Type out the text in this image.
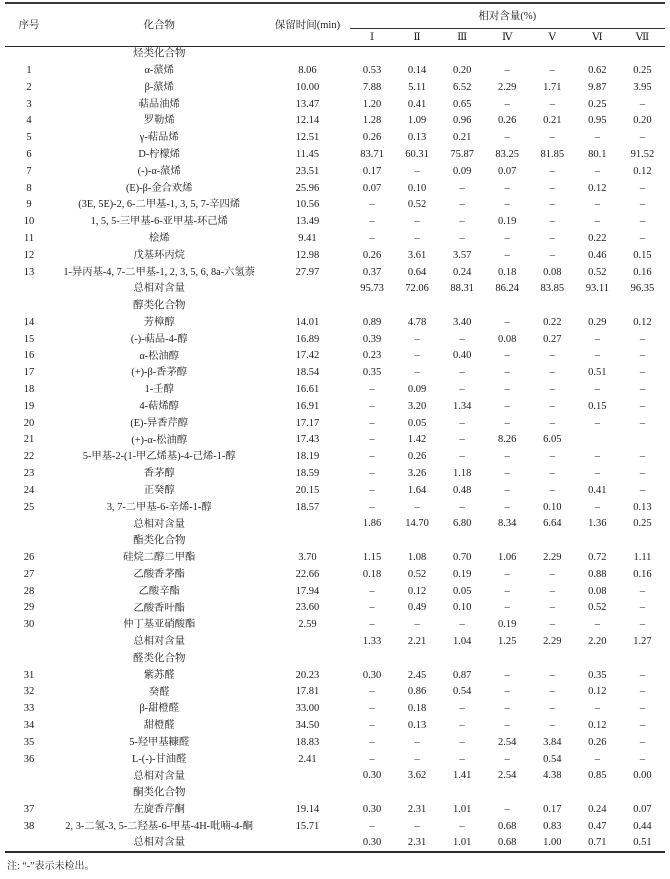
序号	化合物	保留时间(min)	相对含量(%)						
			Ⅰ	Ⅱ	Ⅲ	Ⅳ	Ⅴ	Ⅵ	Ⅶ
	烃类化合物								
1	α-蒎烯	8.06	0.53	0.14	0.20	–	–	0.62	0.25
2	β-蒎烯	10.00	7.88	5.11	6.52	2.29	1.71	9.87	3.95
3	萜品油烯	13.47	1.20	0.41	0.65	–	–	0.25	–
4	罗勒烯	12.14	1.28	1.09	0.96	0.26	0.21	0.95	0.20
5	γ-萜品烯	12.51	0.26	0.13	0.21	–	–	–	–
6	D-柠檬烯	11.45	83.71	60.31	75.87	83.25	81.85	80.1	91.52
7	(-)-α-蒎烯	23.51	0.17	–	0.09	0.07	–	–	0.12
8	(E)-β-金合欢烯	25.96	0.07	0.10	–	–	–	0.12	–
9	(3E, 5E)-2, 6-二甲基-1, 3, 5, 7-辛四烯	10.56	–	0.52	–	–	–	–	–
10	1, 5, 5-三甲基-6-亚甲基-环己烯	13.49	–	–	–	0.19	–	–	–
11	桧烯	9.41	–	–	–	–	–	0.22	–
12	戊基环丙烷	12.98	0.26	3.61	3.57	–	–	0.46	0.15
13	1-异丙基-4, 7-二甲基-1, 2, 3, 5, 6, 8a-六氢萘	27.97	0.37	0.64	0.24	0.18	0.08	0.52	0.16
	总相对含量		95.73	72.06	88.31	86.24	83.85	93.11	96.35
	醇类化合物								
14	芳樟醇	14.01	0.89	4.78	3.40	–	0.22	0.29	0.12
15	(-)-萜品-4-醇	16.89	0.39	–	–	0.08	0.27	–	–
16	α-松油醇	17.42	0.23	–	0.40	–	–	–	–
17	(+)-β-香茅醇	18.54	0.35	–	–	–	–	0.51	–
18	1-壬醇	16.61	–	0.09	–	–	–	–	–
19	4-萜烯醇	16.91	–	3.20	1.34	–	–	0.15	–
20	(E)-异香芹醇	17.17	–	0.05	–	–	–	–	–
21	(+)-α-松油醇	17.43	–	1.42	–	8.26	6.05		
22	5-甲基-2-(1-甲乙烯基)-4-己烯-1-醇	18.19	–	0.26	–	–	–	–	–
23	香茅醇	18.59	–	3.26	1.18	–	–	–	–
24	正癸醇	20.15	–	1.64	0.48	–	–	0.41	–
25	3, 7-二甲基-6-辛烯-1-醇	18.57	–	–	–	–	0.10	–	0.13
	总相对含量		1.86	14.70	6.80	8.34	6.64	1.36	0.25
	酯类化合物								
26	硅烷二醇二甲酯	3.70	1.15	1.08	0.70	1.06	2.29	0.72	1.11
27	乙酸香茅酯	22.66	0.18	0.52	0.19	–	–	0.88	0.16
28	乙酸辛酯	17.94	–	0.12	0.05	–	–	0.08	–
29	乙酸香叶酯	23.60	–	0.49	0.10	–	–	0.52	–
30	仲丁基亚硝酸酯	2.59	–	–	–	0.19	–	–	–
	总相对含量		1.33	2.21	1.04	1.25	2.29	2.20	1.27
	醛类化合物								
31	紫苏醛	20.23	0.30	2.45	0.87	–	–	0.35	–
32	癸醛	17.81	–	0.86	0.54	–	–	0.12	–
33	β-甜橙醛	33.00	–	0.18	–	–	–	–	–
34	甜橙醛	34.50	–	0.13	–	–	–	0.12	–
35	5-羟甲基糠醛	18.83	–	–	–	2.54	3.84	0.26	–
36	L-(-)-甘油醛	2.41	–	–	–	–	0.54	–	–
	总相对含量		0.30	3.62	1.41	2.54	4.38	0.85	0.00
	酮类化合物								
37	左旋香芹酮	19.14	0.30	2.31	1.01	–	0.17	0.24	0.07
38	2, 3-二氢-3, 5-二羟基-6-甲基-4H-吡喃-4-酮	15.71	–	–	–	0.68	0.83	0.47	0.44
	总相对含量		0.30	2.31	1.01	0.68	1.00	0.71	0.51
注: “-”表示未检出。
